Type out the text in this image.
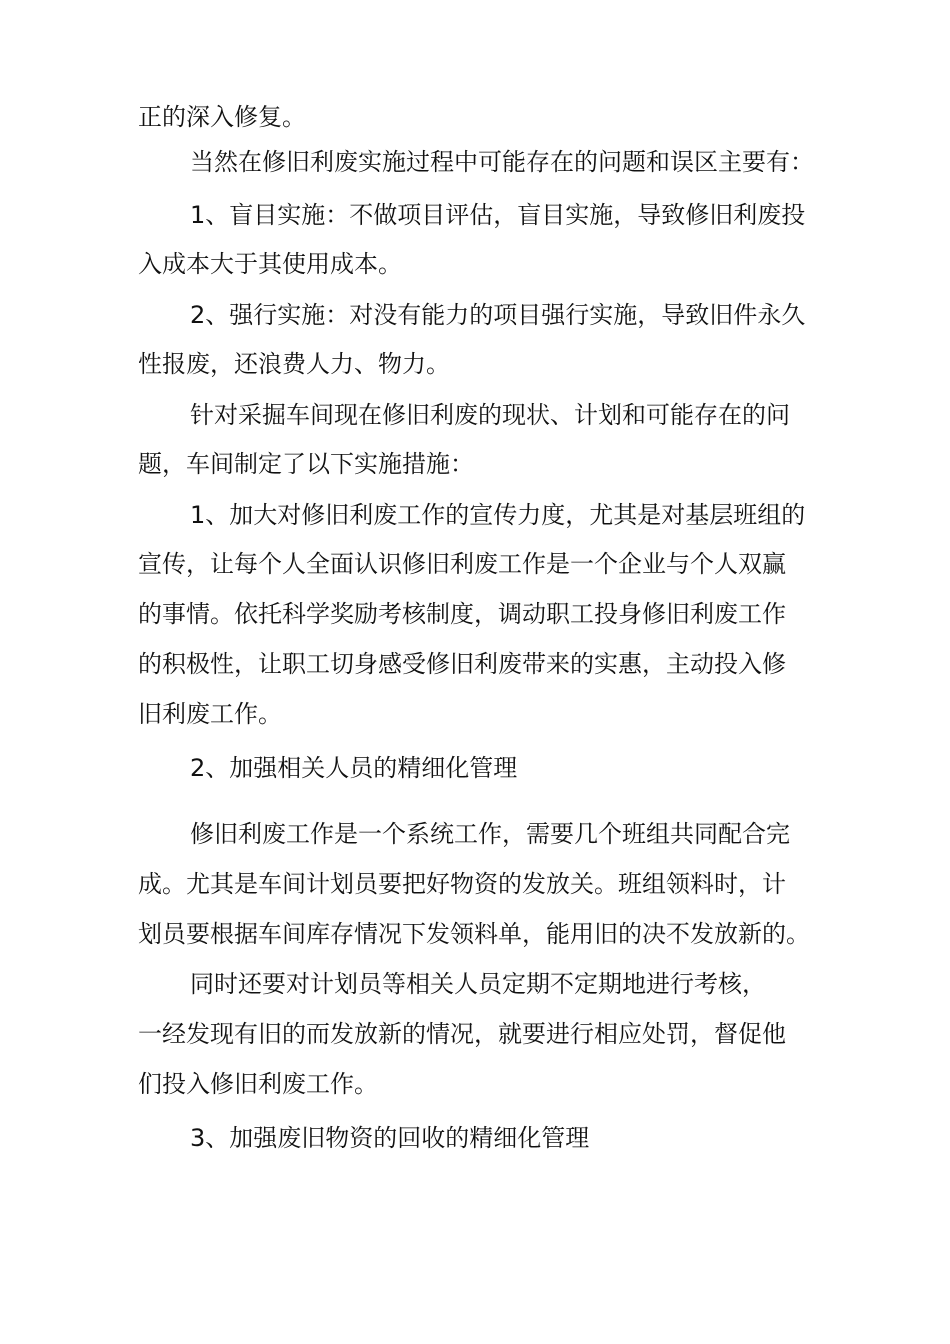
正的深入修复。

当然在修旧利废实施过程中可能存在的问题和误区主要有：

1、盲目实施：不做项目评估，盲目实施，导致修旧利废投

入成本大于其使用成本。

2、强行实施：对没有能力的项目强行实施，导致旧件永久

性报废，还浪费人力、物力。

针对采掘车间现在修旧利废的现状、计划和可能存在的问

题，车间制定了以下实施措施：

1、加大对修旧利废工作的宣传力度，尤其是对基层班组的

宣传，让每个人全面认识修旧利废工作是一个企业与个人双赢

的事情。依托科学奖励考核制度，调动职工投身修旧利废工作

的积极性，让职工切身感受修旧利废带来的实惠，主动投入修

旧利废工作。

2、加强相关人员的精细化管理

修旧利废工作是一个系统工作，需要几个班组共同配合完

成。尤其是车间计划员要把好物资的发放关。班组领料时，计

划员要根据车间库存情况下发领料单，能用旧的决不发放新的。

同时还要对计划员等相关人员定期不定期地进行考核，

一经发现有旧的而发放新的情况，就要进行相应处罚，督促他

们投入修旧利废工作。

3、加强废旧物资的回收的精细化管理
